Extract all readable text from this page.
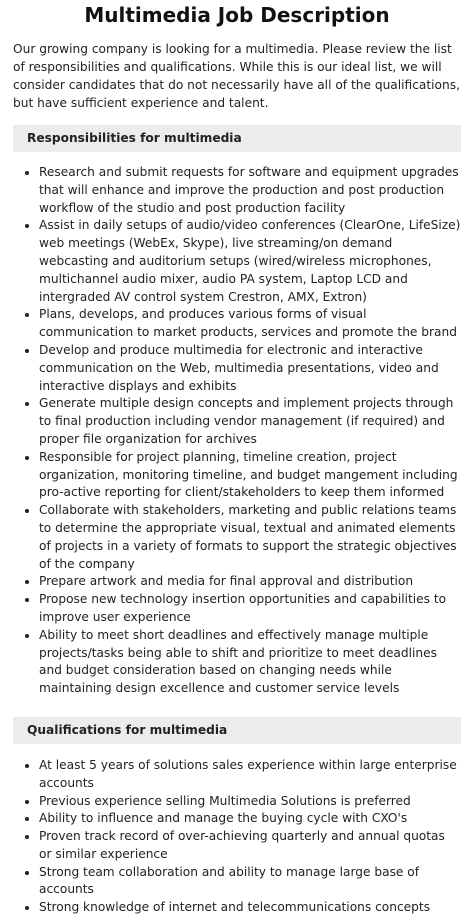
Multimedia Job Description

Our growing company is looking for a multimedia. Please review the list of responsibilities and qualifications. While this is our ideal list, we will consider candidates that do not necessarily have all of the qualifications, but have sufficient experience and talent.

Responsibilities for multimedia
• Research and submit requests for software and equipment upgrades that will enhance and improve the production and post production workflow of the studio and post production facility
• Assist in daily setups of audio/video conferences (ClearOne, LifeSize) web meetings (WebEx, Skype), live streaming/on demand webcasting and auditorium setups (wired/wireless microphones, multichannel audio mixer, audio PA system, Laptop LCD and intergraded AV control system Crestron, AMX, Extron)
• Plans, develops, and produces various forms of visual communication to market products, services and promote the brand
• Develop and produce multimedia for electronic and interactive communication on the Web, multimedia presentations, video and interactive displays and exhibits
• Generate multiple design concepts and implement projects through to final production including vendor management (if required) and proper file organization for archives
• Responsible for project planning, timeline creation, project organization, monitoring timeline, and budget mangement including pro-active reporting for client/stakeholders to keep them informed
• Collaborate with stakeholders, marketing and public relations teams to determine the appropriate visual, textual and animated elements of projects in a variety of formats to support the strategic objectives of the company
• Prepare artwork and media for final approval and distribution
• Propose new technology insertion opportunities and capabilities to improve user experience
• Ability to meet short deadlines and effectively manage multiple projects/tasks being able to shift and prioritize to meet deadlines and budget consideration based on changing needs while maintaining design excellence and customer service levels
Qualifications for multimedia
• At least 5 years of solutions sales experience within large enterprise accounts
• Previous experience selling Multimedia Solutions is preferred
• Ability to influence and manage the buying cycle with CXO's
• Proven track record of over-achieving quarterly and annual quotas or similar experience
• Strong team collaboration and ability to manage large base of accounts
• Strong knowledge of internet and telecommunications concepts
